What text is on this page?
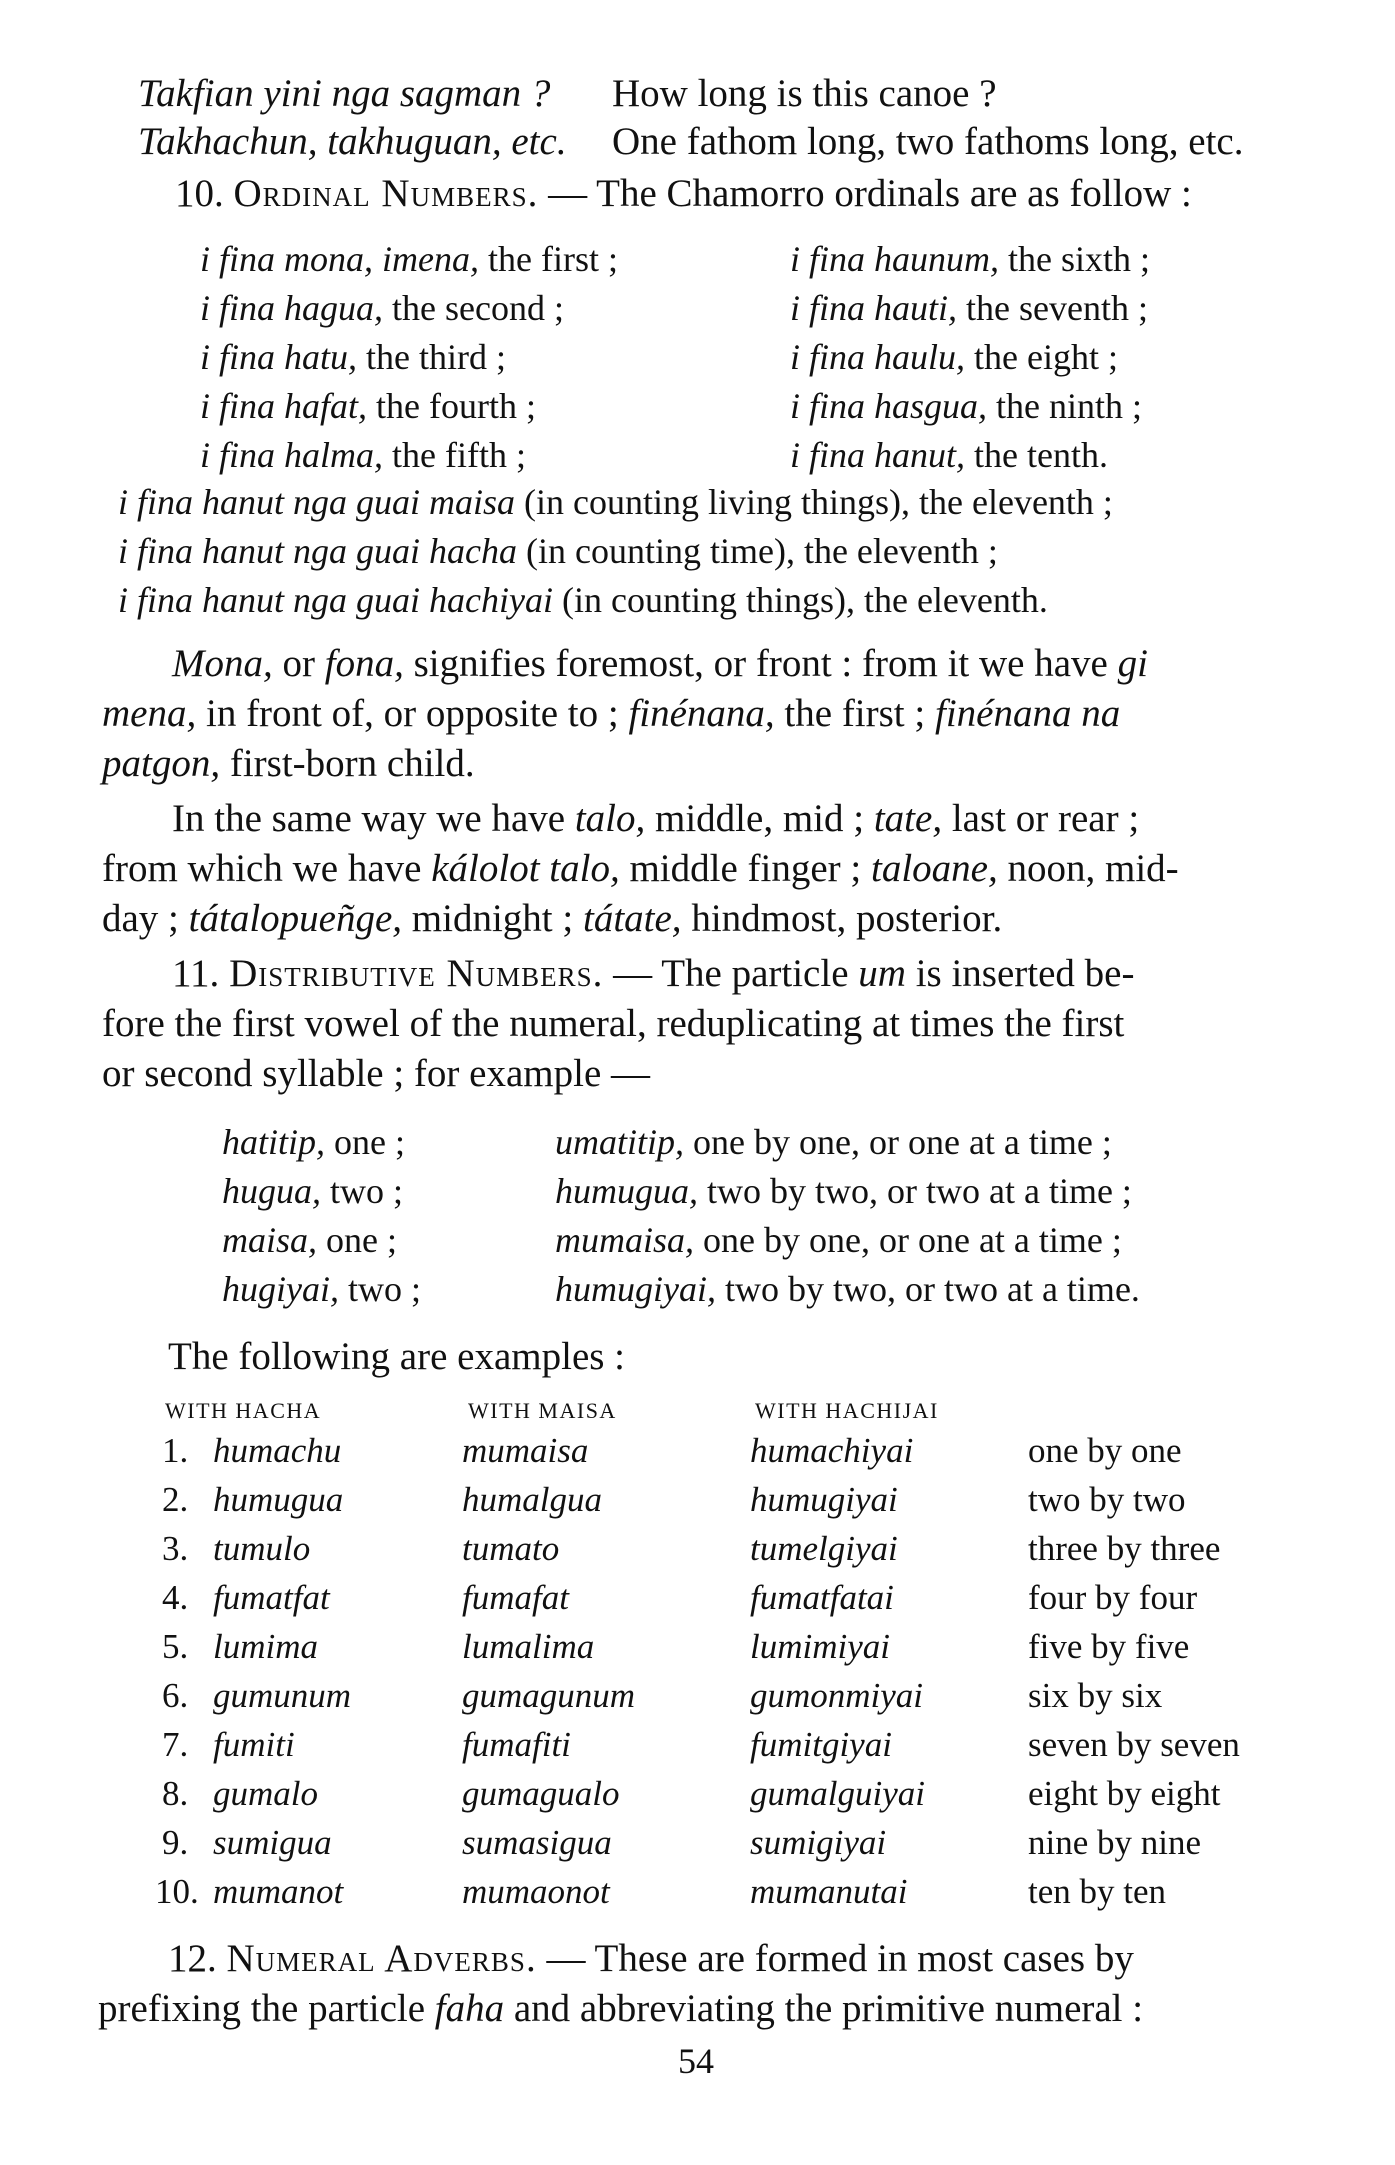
Takfian yini nga sagman ? How long is this canoe ?
Takhachun, takhuguan, etc. One fathom long, two fathoms long, etc.
10. Ordinal Numbers. — The Chamorro ordinals are as follow :
i fina mona, imena, the first ;	i fina haunum, the sixth ;
i fina hagua, the second ;	i fina hauti, the seventh ;
i fina hatu, the third ;	i fina haulu, the eight ;
i fina hafat, the fourth ;	i fina hasgua, the ninth ;
i fina halma, the fifth ;	i fina hanut, the tenth.
i fina hanut nga guai maisa (in counting living things), the eleventh ;
i fina hanut nga guai hacha (in counting time), the eleventh ;
i fina hanut nga guai hachiyai (in counting things), the eleventh.
Mona, or fona, signifies foremost, or front : from it we have gi
mena, in front of, or opposite to ; finénana, the first ; finénana na
patgon, first-born child.
In the same way we have talo, middle, mid ; tate, last or rear ;
from which we have kálolot talo, middle finger ; taloane, noon, mid-
day ; tátalopueñge, midnight ; tátate, hindmost, posterior.
11. Distributive Numbers. — The particle um is inserted be-
fore the first vowel of the numeral, reduplicating at times the first
or second syllable ; for example —
hatitip, one ;	umatitip, one by one, or one at a time ;
hugua, two ;	humugua, two by two, or two at a time ;
maisa, one ;	mumaisa, one by one, or one at a time ;
hugiyai, two ;	humugiyai, two by two, or two at a time.
The following are examples :
WITH HACHA	WITH MAISA	WITH HACHIJAI
1. humachu	mumaisa	humachiyai	one by one
2. humugua	humalgua	humugiyai	two by two
3. tumulo	tumato	tumelgiyai	three by three
4. fumatfat	fumafat	fumatfatai	four by four
5. lumima	lumalima	lumimiyai	five by five
6. gumunum	gumagunum	gumonmiyai	six by six
7. fumiti	fumafiti	fumitgiyai	seven by seven
8. gumalo	gumagualo	gumalguiyai	eight by eight
9. sumigua	sumasigua	sumigiyai	nine by nine
10. mumanot	mumaonot	mumanutai	ten by ten
12. Numeral Adverbs. — These are formed in most cases by
prefixing the particle faha and abbreviating the primitive numeral :
54
